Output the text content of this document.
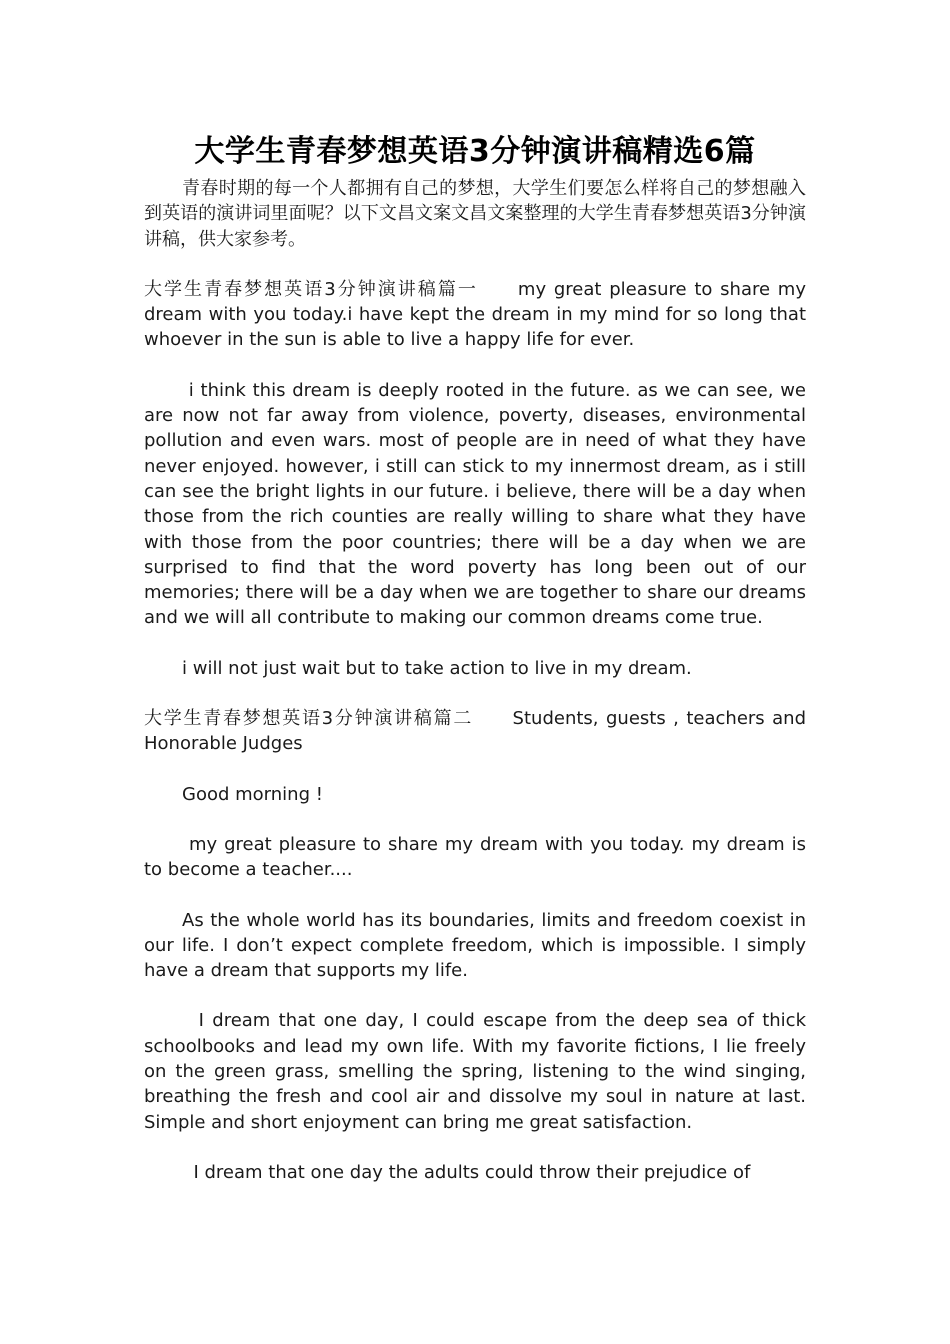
大学生青春梦想英语3分钟演讲稿精选6篇

青春时期的每一个人都拥有自己的梦想，大学生们要怎么样将自己的梦想融入到英语的演讲词里面呢？以下文昌文案文昌文案整理的大学生青春梦想英语3分钟演讲稿，供大家参考。

大学生青春梦想英语3分钟演讲稿篇一　　my great pleasure to share my dream with you today.i have kept the dream in my mind for so long that whoever in the sun is able to live a happy life for ever.

i think this dream is deeply rooted in the future. as we can see, we are now not far away from violence, poverty, diseases, environmental pollution and even wars. most of people are in need of what they have never enjoyed. however, i still can stick to my innermost dream, as i still can see the bright lights in our future. i believe, there will be a day when those from the rich counties are really willing to share what they have with those from the poor countries; there will be a day when we are surprised to find that the word poverty has long been out of our memories; there will be a day when we are together to share our dreams and we will all contribute to making our common dreams come true.

i will not just wait but to take action to live in my dream.

大学生青春梦想英语3分钟演讲稿篇二　　Students, guests , teachers and Honorable Judges

Good morning !

my great pleasure to share my dream with you today. my dream is to become a teacher....

As the whole world has its boundaries, limits and freedom coexist in our life. I don’t expect complete freedom, which is impossible. I simply have a dream that supports my life.

I dream that one day, I could escape from the deep sea of thick schoolbooks and lead my own life. With my favorite fictions, I lie freely on the green grass, smelling the spring, listening to the wind singing, breathing the fresh and cool air and dissolve my soul in nature at last. Simple and short enjoyment can bring me great satisfaction.

I dream that one day the adults could throw their prejudice of
